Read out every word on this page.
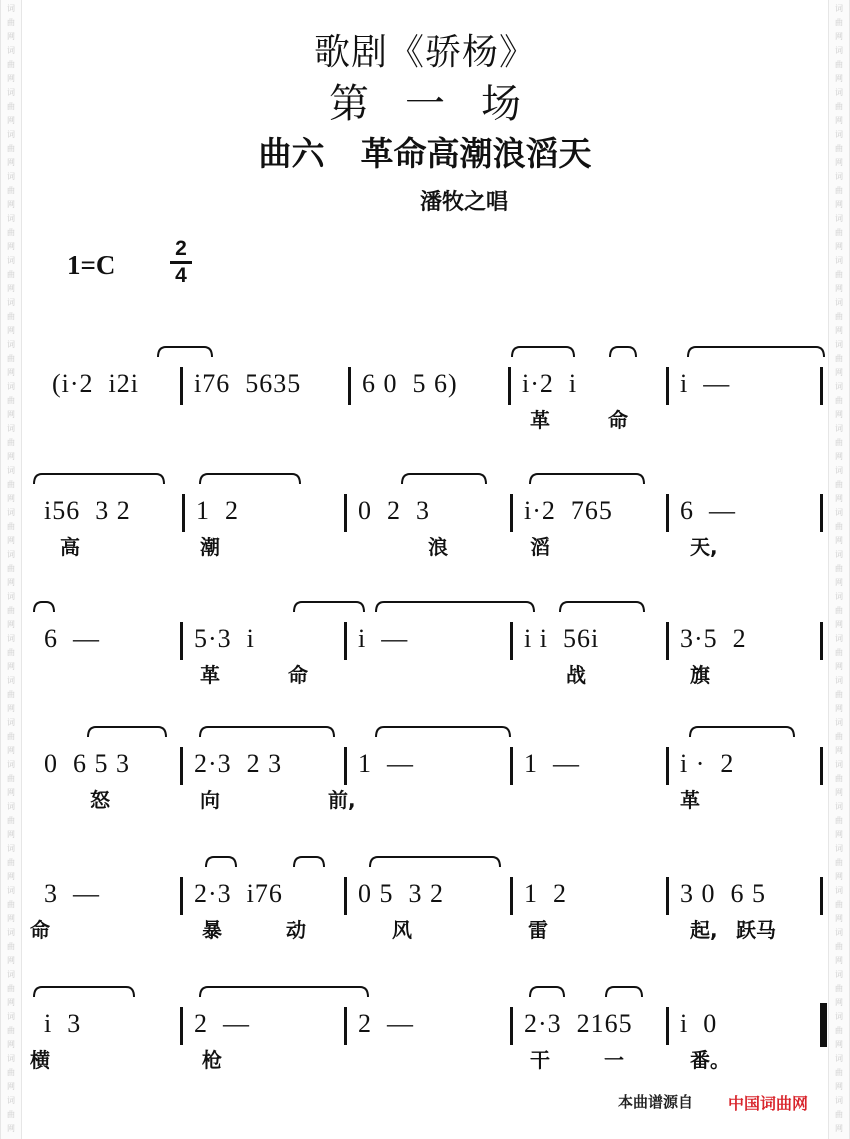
词
曲
网
词
曲
网
词
曲
网
词
曲
网
词
曲
网
词
曲
网
词
曲
网
词
曲
网
词
曲
网
词
曲
网
词
曲
网
词
曲
网
词
曲
网
词
曲
网
词
曲
网
词
曲
网
词
曲
网
词
曲
网
词
曲
网
词
曲
网
词
曲
网
词
曲
网
词
曲
网
词
曲
网
词
曲
网
词
曲
网
词
曲
网
词
曲
网
词
曲
网
词
曲
网
词
曲
网
词
曲
网
词
曲
网
词
曲
网
词
曲
网
词
曲
网
词
曲
网
词
曲
网
词
曲
网
词
曲
网
词
曲
网
词
曲
网
词
曲
网
词
曲
网
词
曲
网
词
曲
网
词
曲
网
词
曲
网
词
曲
网
词
曲
网
词
曲
网
词
曲
网
词
曲
网
词
曲
网
歌剧《骄杨》
第 一 场
曲六 革命高潮浪滔天
潘牧之唱
1=C
2
4
(i·2  i2i i76  5635 6 0  5 6) i·2  i	i  —
革	命
i56  3 2	1  2	0  2  3	i·2  765	6  —
高	潮	浪	滔	天,
6  —	5·3  i	i  —	i i  56i	3·5  2
革	命	战	旗
0  6 5 3 2·3  2 3	1  —	1  —	i ·  2
怒	向	前,	革
3  —	2·3  i76	0 5  3 2	1  2	3 0  6 5
命	暴	动	风	雷	起, 跃马
i  3	2  —	2  —	2·3  2165 i  0
横	枪	干	一	番。
本曲谱源自 中国词曲网
